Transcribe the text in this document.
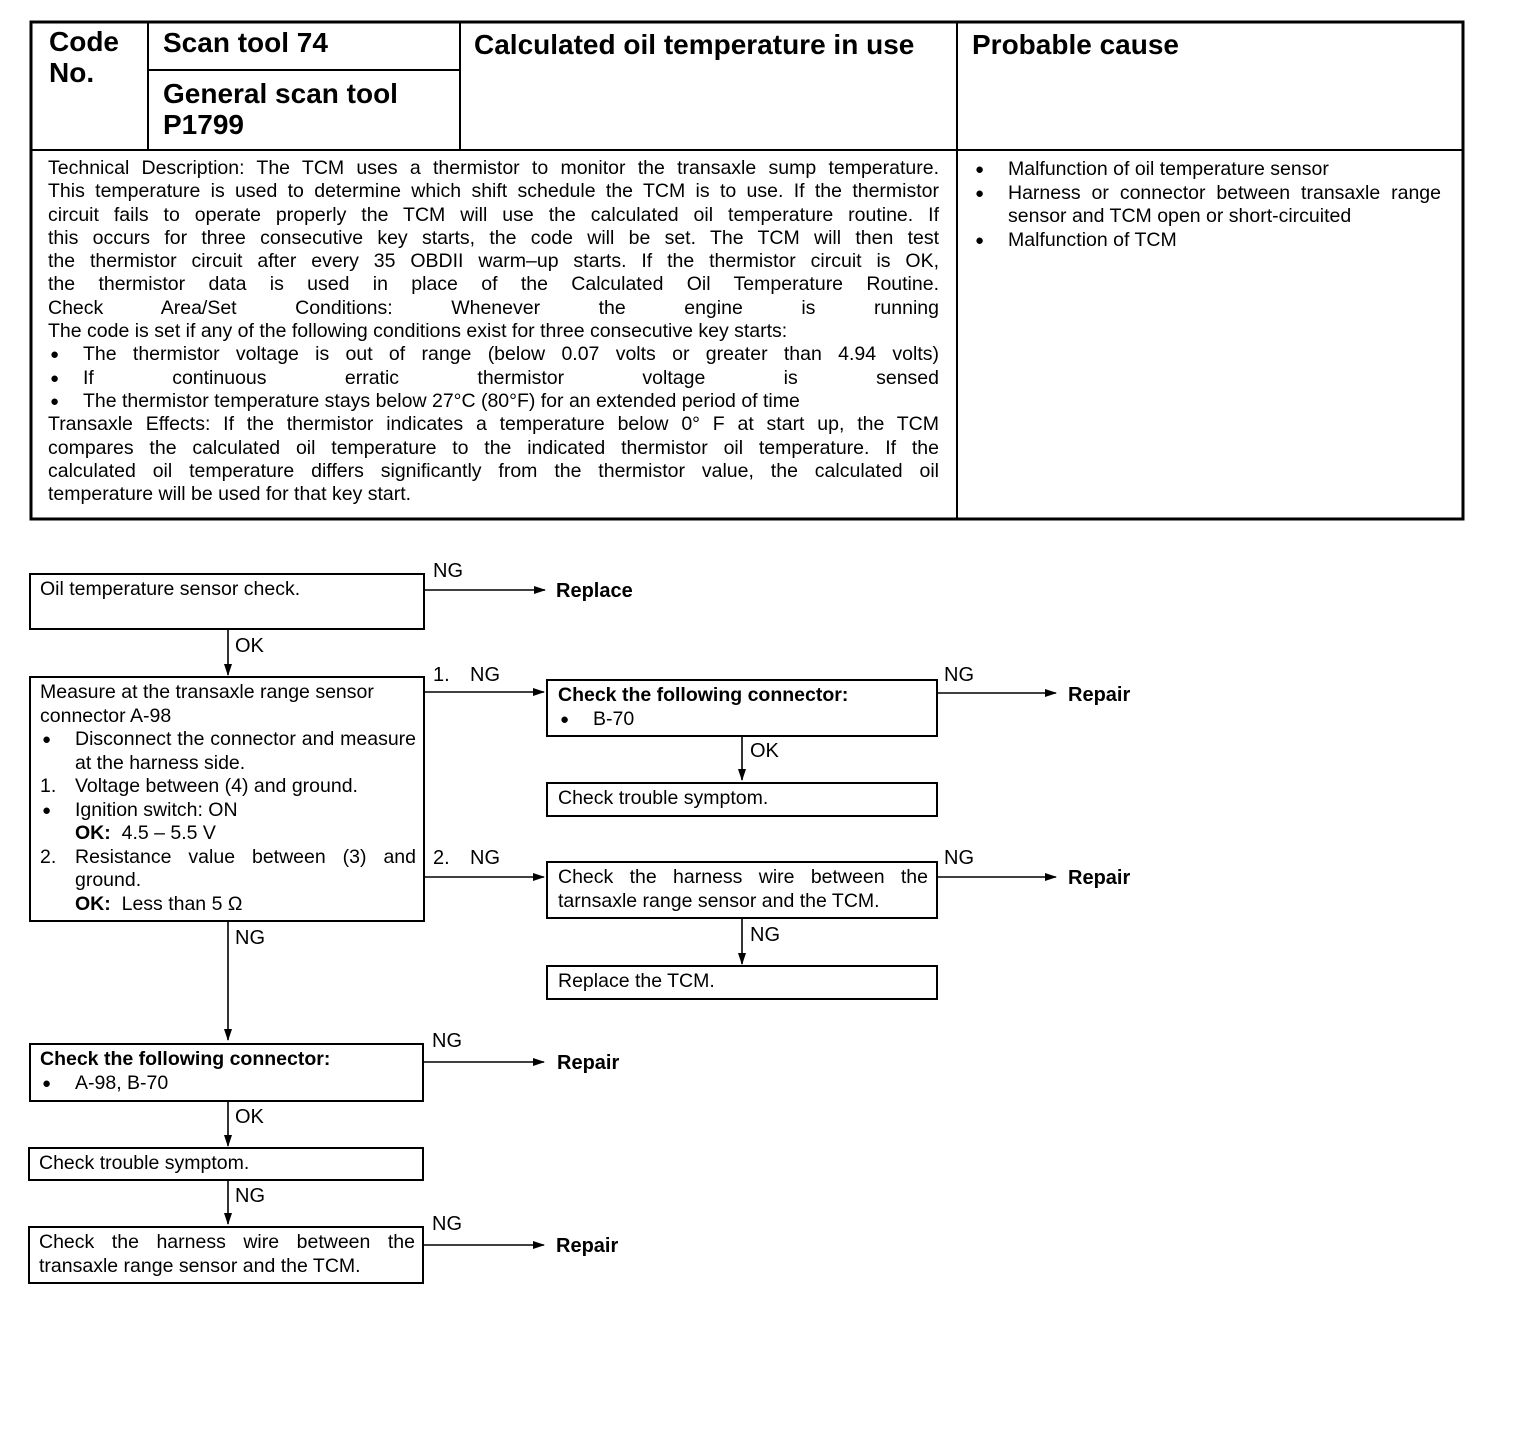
Code No.
Scan tool 74
General scan tool P1799
Calculated oil temperature in use Probable cause
Technical Description: The TCM uses a thermistor to monitor the transaxle sump temperature.
This temperature is used to determine which shift schedule the TCM is to use. If the thermistor
circuit fails to operate properly the TCM will use the calculated oil temperature routine. If
this occurs for three consecutive key starts, the code will be set. The TCM will then test
the thermistor circuit after every 35 OBDII warm–up starts. If the thermistor circuit is OK,
the thermistor data is used in place of the Calculated Oil Temperature Routine.
Check Area/Set Conditions: Whenever the engine is running
The code is set if any of the following conditions exist for three consecutive key starts:
● The thermistor voltage is out of range (below 0.07 volts or greater than 4.94 volts)
● If continuous erratic thermistor voltage is sensed
● The thermistor temperature stays below 27°C (80°F) for an extended period of time
Transaxle Effects: If the thermistor indicates a temperature below 0° F at start up, the TCM
compares the calculated oil temperature to the indicated thermistor oil temperature. If the
calculated oil temperature differs significantly from the thermistor value, the calculated oil
temperature will be used for that key start.
● Malfunction of oil temperature sensor
● Harness or connector between transaxle range sensor and TCM open or short-circuited
● Malfunction of TCM
Oil temperature sensor check.
Measure at the transaxle range sensor
connector A-98
● Disconnect the connector and measure at the harness side.
1. Voltage between (4) and ground.
● Ignition switch: ON
OK: 4.5 – 5.5 V
2. Resistance value between (3) and ground.
OK: Less than 5 Ω
Check the following connector:
● B-70
Check trouble symptom.
Check the harness wire between the tarnsaxle range sensor and the TCM.
Replace the TCM.
Check the following connector:
● A-98, B-70
Check trouble symptom.
Check the harness wire between the transaxle range sensor and the TCM.
NG
Replace
OK
1. NG	NG
Repair
OK
2. NG	NG
Repair
NG
NG
NG
Repair
OK
NG
NG
Repair
